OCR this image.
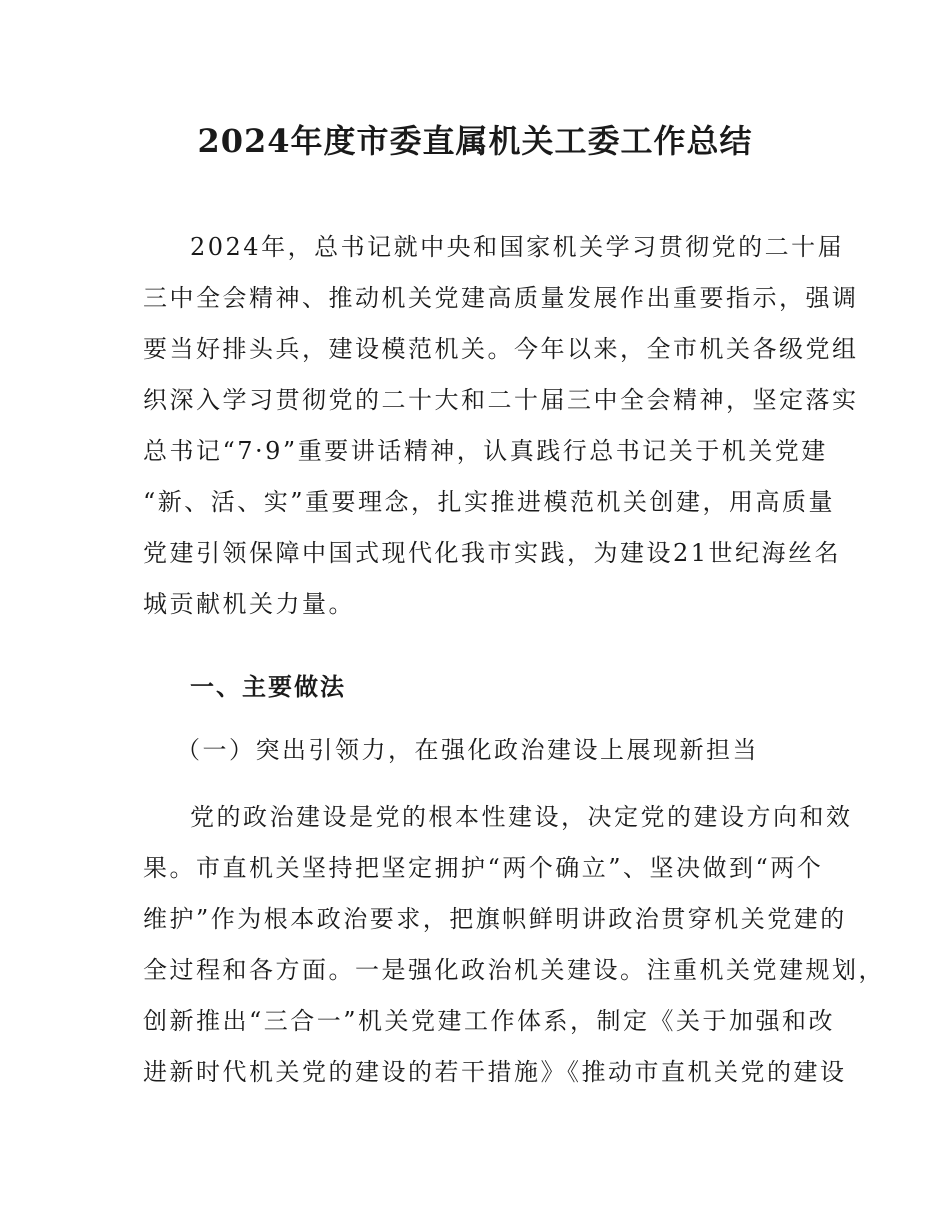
2024年度市委直属机关工委工作总结
2024年，总书记就中央和国家机关学习贯彻党的二十届
三中全会精神、推动机关党建高质量发展作出重要指示，强调
要当好排头兵，建设模范机关。今年以来，全市机关各级党组
织深入学习贯彻党的二十大和二十届三中全会精神，坚定落实
总书记“7·9”重要讲话精神，认真践行总书记关于机关党建
“新、活、实”重要理念，扎实推进模范机关创建，用高质量
党建引领保障中国式现代化我市实践，为建设21世纪海丝名
城贡献机关力量。
一、主要做法
（一）突出引领力，在强化政治建设上展现新担当
党的政治建设是党的根本性建设，决定党的建设方向和效
果。市直机关坚持把坚定拥护“两个确立”、坚决做到“两个
维护”作为根本政治要求，把旗帜鲜明讲政治贯穿机关党建的
全过程和各方面。一是强化政治机关建设。注重机关党建规划，
创新推出“三合一”机关党建工作体系，制定《关于加强和改
进新时代机关党的建设的若干措施》《推动市直机关党的建设
